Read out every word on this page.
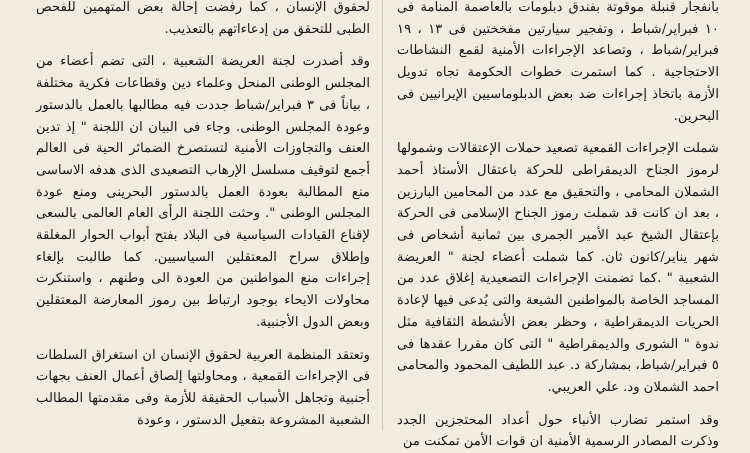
بانفجار قنبلة موقوتة بفندق دبلومات بالعاصمة المنامة فى ١٠ فبراير/شباط ، وتفجير سيارتين مفخختين فى ١٣ ، ١٩ فبراير/شباط ، وتصاعد الإجراءات الأمنية لقمع النشاطات الاحتجاجية . كما استمرت خطوات الحكومة تجاه تدويل الأزمة باتخاذ إجراءات ضد بعض الدبلوماسيين الإيرانيين فى البحرين.

شملت الإجراءات القمعية تصعيد حملات الإعتقالات وشمولها لرموز الجناح الديمقراطى للحركة باعتقال الأستاذ أحمد الشملان المحامى ، والتحقيق مع عدد من المحامين البارزين ، بعد ان كانت قد شملت رموز الجناح الإسلامى فى الحركة بإعتقال الشيخ عبد الأمير الجمرى بين ثمانية أشخاص فى شهر يناير/كانون ثان. كما شملت أعضاء لجنة " العريضة الشعبية " .كما تضمنت الإجراءات التصعيدية إغلاق عدد من المساجد الخاصة بالمواطنين الشيعة والتى يُدعى فيها لإعادة الحريات الديمقراطية ، وحظر بعض الأنشطة الثقافية مثل ندوة " الشورى والديمقراطية " التى كان مقررا عقدها فى ٥ فبراير/شباط، بمشاركة د. عبد اللطيف المحمود والمحامى احمد الشملان ود. علي العريبي.

وقد استمر تضارب الأنباء حول أعداد المحتجزين الجدد وذكرت المصادر الرسمية الأمنية ان قوات الأمن تمكنت من

لحقوق الإنسان ، كما رفضت إحالة بعض المتهمين للفحص الطبى للتحقق من إدعاءاتهم بالتعذيب.

وقد أصدرت لجنة العريضة الشعبية ، التى تضم أعضاء من المجلس الوطنى المنحل وعلماء دين وقطاعات فكرية مختلفة ، بياناً فى ٣ فبراير/شباط جددت فيه مطالبها بالعمل بالدستور وعودة المجلس الوطنى. وجاء فى البيان ان اللجنة " إذ تدين العنف والتجاوزات الأمنية لتستصرخ الضمائر الحية فى العالم أجمع لتوقيف مسلسل الإرهاب التصعيدى الذى هدفه الاساسى منع المطالبة بعودة العمل بالدستور البحرينى ومنع عودة المجلس الوطنى ". وحثت اللجنة الرأى العام العالمى بالسعى لإقناع القيادات السياسية فى البلاد بفتح أبواب الحوار المغلقة وإطلاق سراح المعتقلين السياسيين. كما طالبت بإلغاء إجراءات منع المواطنين من العودة الى وطنهم ، واستنكرت محاولات الايحاء بوجود ارتباط بين رموز المعارضة المعتقلين وبعض الدول الأجنبية.

وتعتقد المنظمة العربية لحقوق الإنسان ان استغراق السلطات فى الإجراءات القمعية ، ومحاولتها إلصاق أعمال العنف بجهات أجنبية وتجاهل الأسباب الحقيقة للأزمة وفى مقدمتها المطالب الشعبية المشروعة بتفعيل الدستور ، وعودة
